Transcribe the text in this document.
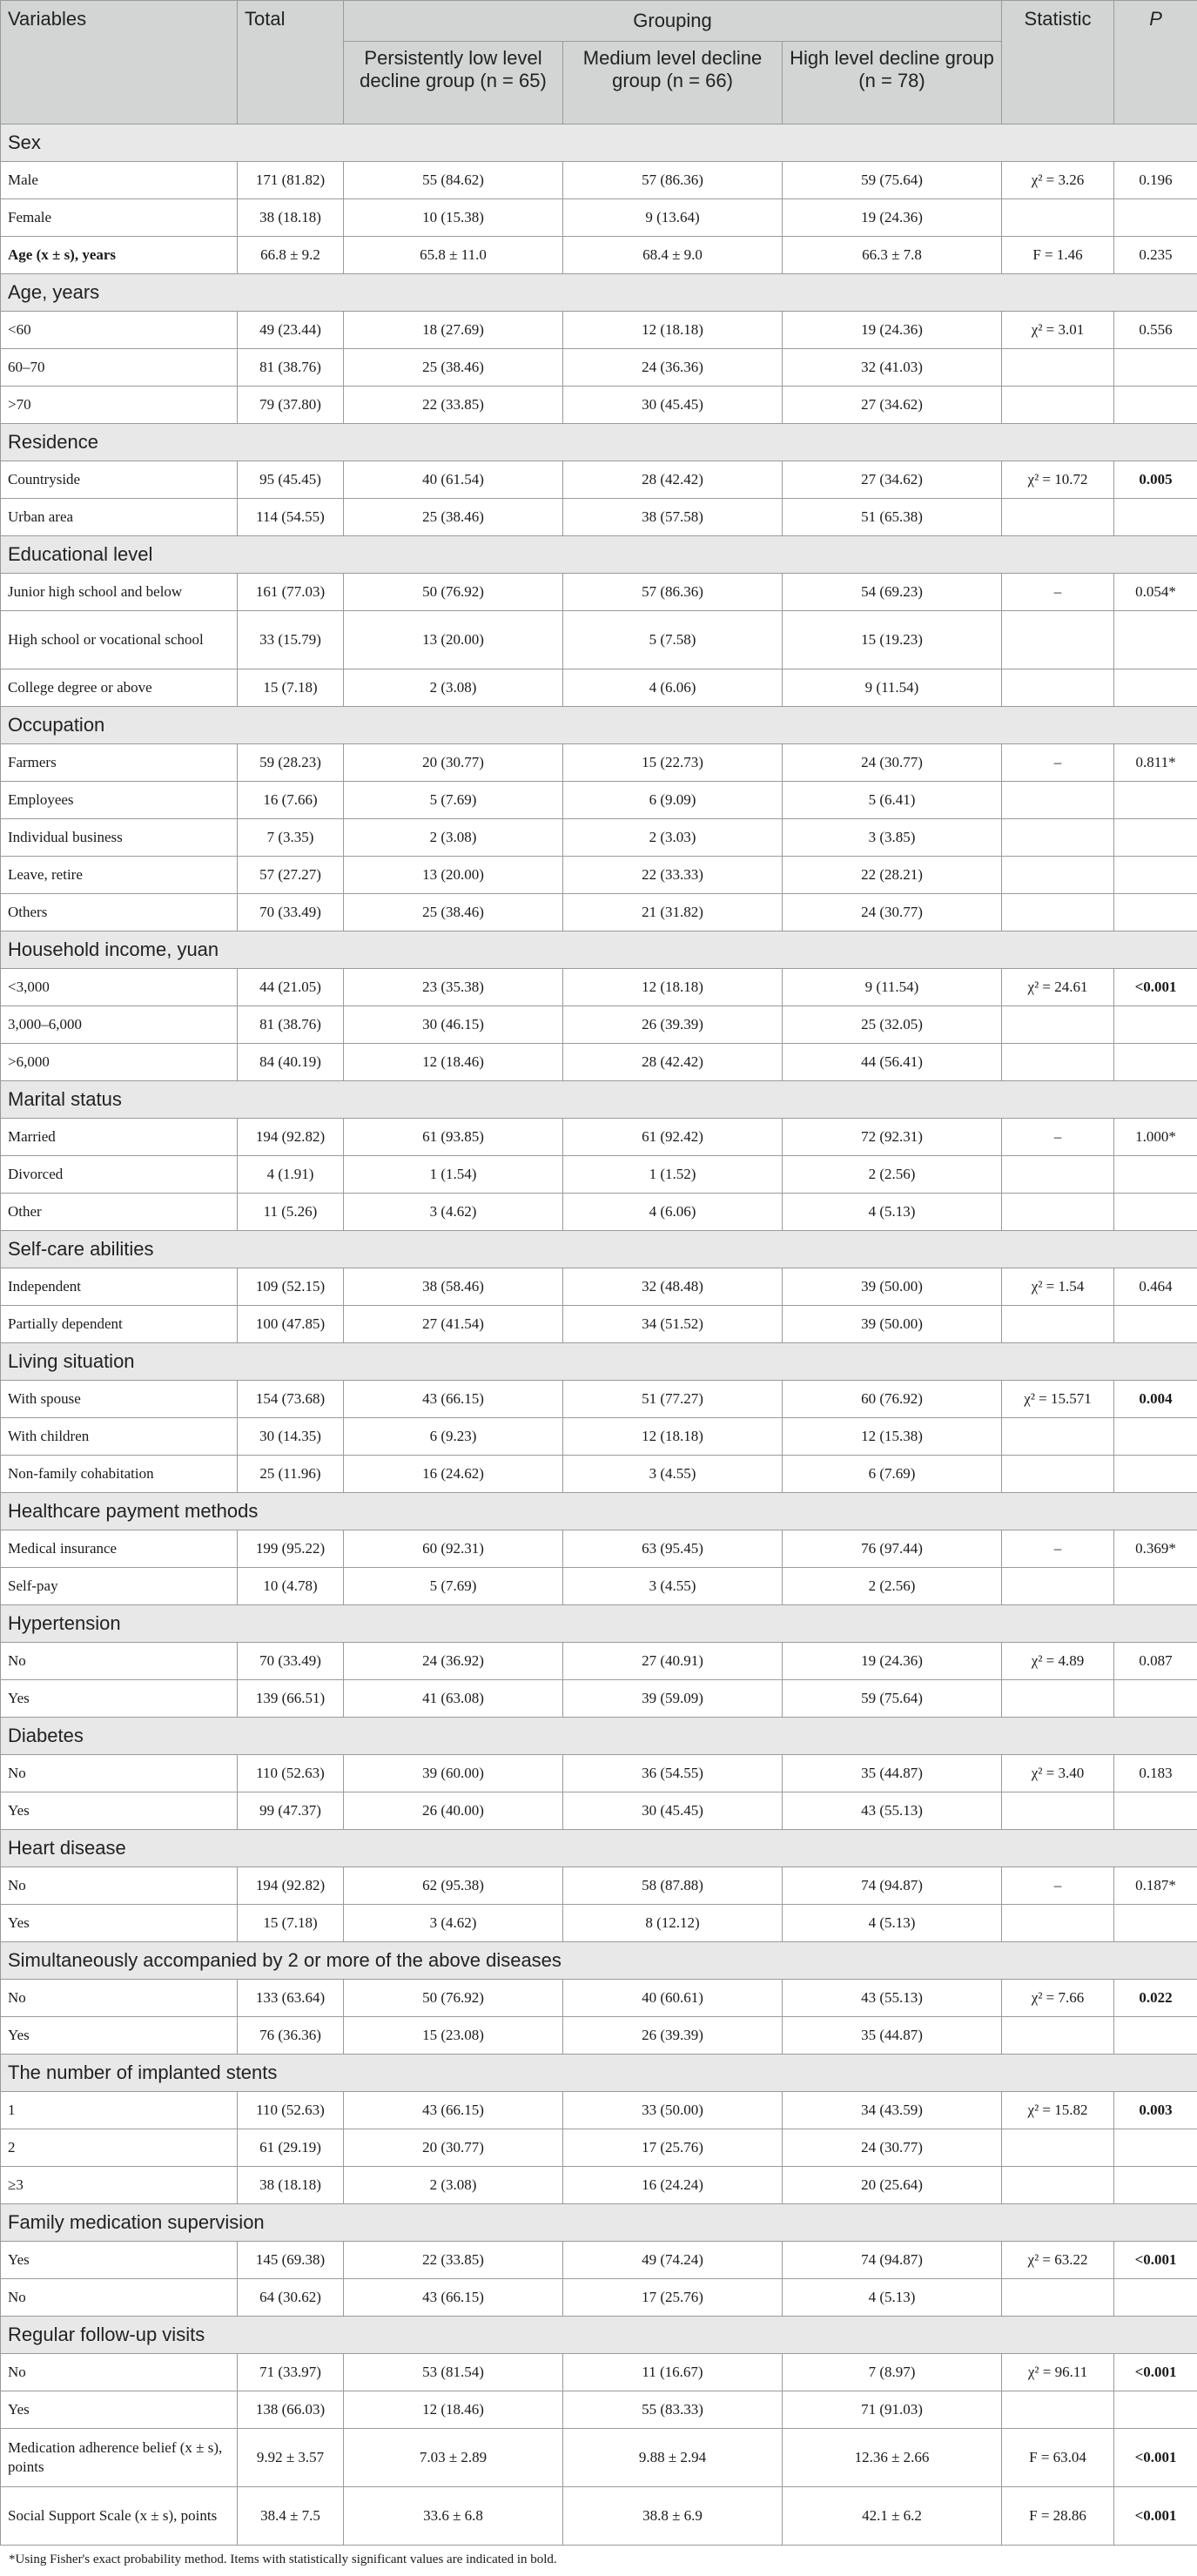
Variables	Total	Grouping			Statistic	P
		Persistently low level decline group (n = 65)	Medium level decline group (n = 66)	High level decline group (n = 78)		
Sex						
Male	171 (81.82)	55 (84.62)	57 (86.36)	59 (75.64)	χ² = 3.26	0.196
Female	38 (18.18)	10 (15.38)	9 (13.64)	19 (24.36)		
Age (x ± s), years	66.8 ± 9.2	65.8 ± 11.0	68.4 ± 9.0	66.3 ± 7.8	F = 1.46	0.235
Age, years						
<60	49 (23.44)	18 (27.69)	12 (18.18)	19 (24.36)	χ² = 3.01	0.556
60–70	81 (38.76)	25 (38.46)	24 (36.36)	32 (41.03)		
>70	79 (37.80)	22 (33.85)	30 (45.45)	27 (34.62)		
Residence						
Countryside	95 (45.45)	40 (61.54)	28 (42.42)	27 (34.62)	χ² = 10.72	0.005
Urban area	114 (54.55)	25 (38.46)	38 (57.58)	51 (65.38)		
Educational level						
Junior high school and below	161 (77.03)	50 (76.92)	57 (86.36)	54 (69.23)	–	0.054*
High school or vocational school	33 (15.79)	13 (20.00)	5 (7.58)	15 (19.23)		
College degree or above	15 (7.18)	2 (3.08)	4 (6.06)	9 (11.54)		
Occupation						
Farmers	59 (28.23)	20 (30.77)	15 (22.73)	24 (30.77)	–	0.811*
Employees	16 (7.66)	5 (7.69)	6 (9.09)	5 (6.41)		
Individual business	7 (3.35)	2 (3.08)	2 (3.03)	3 (3.85)		
Leave, retire	57 (27.27)	13 (20.00)	22 (33.33)	22 (28.21)		
Others	70 (33.49)	25 (38.46)	21 (31.82)	24 (30.77)		
Household income, yuan						
<3,000	44 (21.05)	23 (35.38)	12 (18.18)	9 (11.54)	χ² = 24.61	<0.001
3,000–6,000	81 (38.76)	30 (46.15)	26 (39.39)	25 (32.05)		
>6,000	84 (40.19)	12 (18.46)	28 (42.42)	44 (56.41)		
Marital status						
Married	194 (92.82)	61 (93.85)	61 (92.42)	72 (92.31)	–	1.000*
Divorced	4 (1.91)	1 (1.54)	1 (1.52)	2 (2.56)		
Other	11 (5.26)	3 (4.62)	4 (6.06)	4 (5.13)		
Self-care abilities						
Independent	109 (52.15)	38 (58.46)	32 (48.48)	39 (50.00)	χ² = 1.54	0.464
Partially dependent	100 (47.85)	27 (41.54)	34 (51.52)	39 (50.00)		
Living situation						
With spouse	154 (73.68)	43 (66.15)	51 (77.27)	60 (76.92)	χ² = 15.571	0.004
With children	30 (14.35)	6 (9.23)	12 (18.18)	12 (15.38)		
Non-family cohabitation	25 (11.96)	16 (24.62)	3 (4.55)	6 (7.69)		
Healthcare payment methods						
Medical insurance	199 (95.22)	60 (92.31)	63 (95.45)	76 (97.44)	–	0.369*
Self-pay	10 (4.78)	5 (7.69)	3 (4.55)	2 (2.56)		
Hypertension						
No	70 (33.49)	24 (36.92)	27 (40.91)	19 (24.36)	χ² = 4.89	0.087
Yes	139 (66.51)	41 (63.08)	39 (59.09)	59 (75.64)		
Diabetes						
No	110 (52.63)	39 (60.00)	36 (54.55)	35 (44.87)	χ² = 3.40	0.183
Yes	99 (47.37)	26 (40.00)	30 (45.45)	43 (55.13)		
Heart disease						
No	194 (92.82)	62 (95.38)	58 (87.88)	74 (94.87)	–	0.187*
Yes	15 (7.18)	3 (4.62)	8 (12.12)	4 (5.13)		
Simultaneously accompanied by 2 or more of the above diseases						
No	133 (63.64)	50 (76.92)	40 (60.61)	43 (55.13)	χ² = 7.66	0.022
Yes	76 (36.36)	15 (23.08)	26 (39.39)	35 (44.87)		
The number of implanted stents						
1	110 (52.63)	43 (66.15)	33 (50.00)	34 (43.59)	χ² = 15.82	0.003
2	61 (29.19)	20 (30.77)	17 (25.76)	24 (30.77)		
≥3	38 (18.18)	2 (3.08)	16 (24.24)	20 (25.64)		
Family medication supervision						
Yes	145 (69.38)	22 (33.85)	49 (74.24)	74 (94.87)	χ² = 63.22	<0.001
No	64 (30.62)	43 (66.15)	17 (25.76)	4 (5.13)		
Regular follow-up visits						
No	71 (33.97)	53 (81.54)	11 (16.67)	7 (8.97)	χ² = 96.11	<0.001
Yes	138 (66.03)	12 (18.46)	55 (83.33)	71 (91.03)		
Medication adherence belief (x ± s), points	9.92 ± 3.57	7.03 ± 2.89	9.88 ± 2.94	12.36 ± 2.66	F = 63.04	<0.001
Social Support Scale (x ± s), points	38.4 ± 7.5	33.6 ± 6.8	38.8 ± 6.9	42.1 ± 6.2	F = 28.86	<0.001
*Using Fisher's exact probability method. Items with statistically significant values are indicated in bold.
